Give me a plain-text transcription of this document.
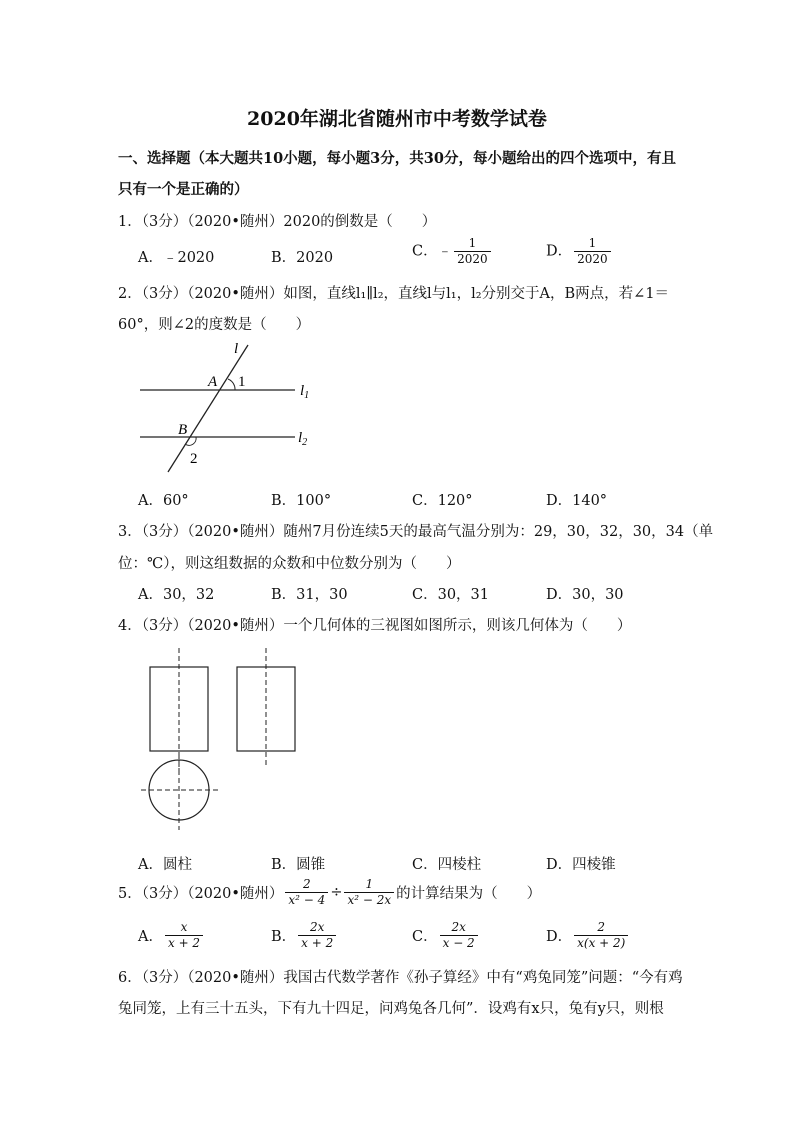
2020年湖北省随州市中考数学试卷
一、选择题（本大题共10小题，每小题3分，共30分，每小题给出的四个选项中，有且
只有一个是正确的）
1．（3分）（2020•随州）2020的倒数是（　　）
A．﹣2020	B．2020	C．﹣ $\frac{1}{2020}$	D． $\frac{1}{2020}$
2．（3分）（2020•随州）如图，直线l₁∥l₂，直线l与l₁，l₂分别交于A，B两点，若∠1＝
60°，则∠2的度数是（　　）
l
A 1
$l_1$
B
2
$l_2$
A．60°	B．100°	C．120°	D．140°
3．（3分）（2020•随州）随州7月份连续5天的最高气温分别为：29，30，32，30，34（单
位：℃），则这组数据的众数和中位数分别为（　　）
A．30，32	B．31，30	C．30，31	D．30，30
4．（3分）（2020•随州）一个几何体的三视图如图所示，则该几何体为（　　）
A．圆柱	B．圆锥	C．四棱柱	D．四棱锥
5．（3分）（2020•随州） $\frac{2}{\text{x² − 4}} \div \frac{1}{\text{x² − 2x}}$ 的计算结果为（　　）
A． $\frac{x}{x + 2}$	B． $\frac{2x}{x + 2}$	C． $\frac{2x}{x - 2}$	D． $\frac{2}{x(x + 2)}$
6．（3分）（2020•随州）我国古代数学著作《孙子算经》中有“鸡兔同笼”问题：“今有鸡
兔同笼，上有三十五头，下有九十四足，问鸡兔各几何”．设鸡有x只，兔有y只，则根
